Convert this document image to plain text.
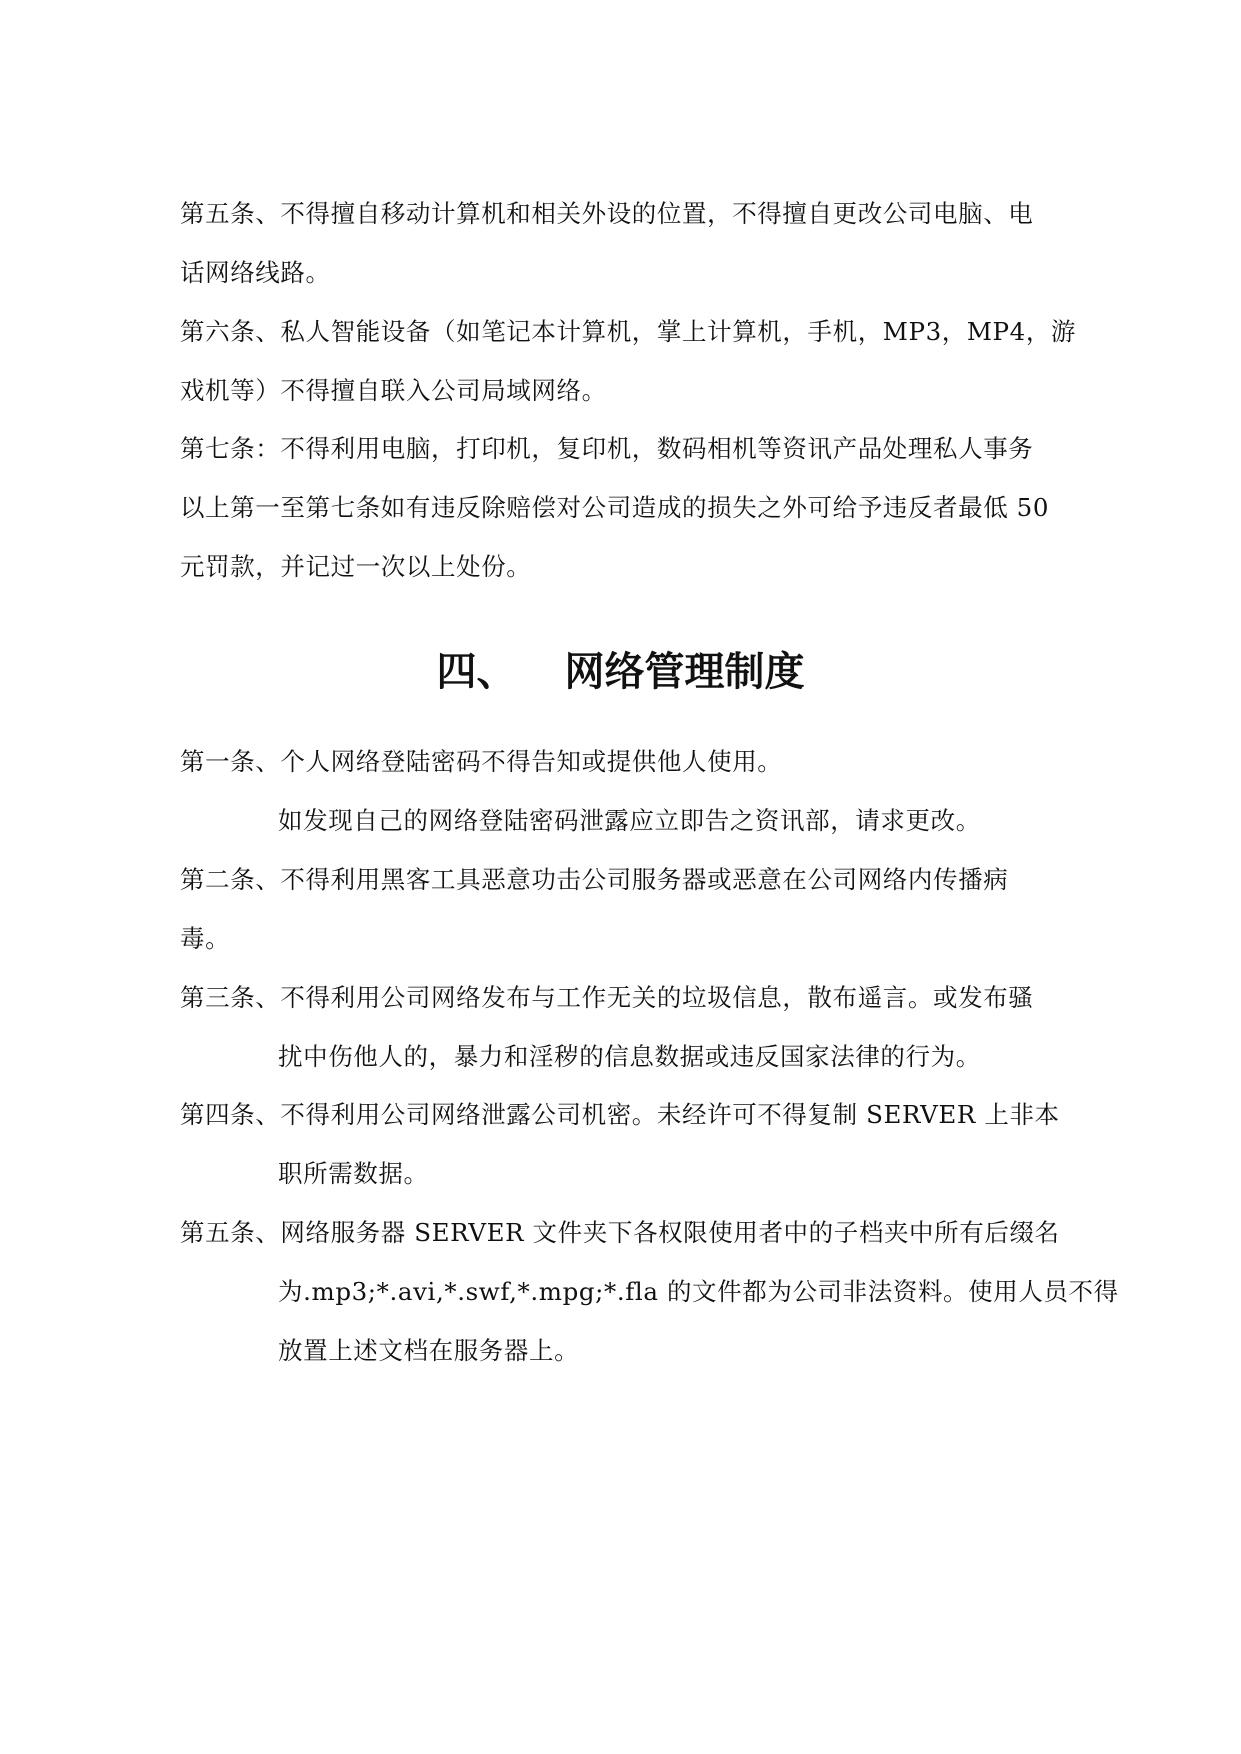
第五条、不得擅自移动计算机和相关外设的位置，不得擅自更改公司电脑、电
话网络线路。
第六条、私人智能设备（如笔记本计算机，掌上计算机，手机，MP3，MP4，游
戏机等）不得擅自联入公司局域网络。
第七条：不得利用电脑，打印机，复印机，数码相机等资讯产品处理私人事务
以上第一至第七条如有违反除赔偿对公司造成的损失之外可给予违反者最低 50
元罚款，并记过一次以上处份。
四、 网络管理制度
第一条、个人网络登陆密码不得告知或提供他人使用。
如发现自己的网络登陆密码泄露应立即告之资讯部，请求更改。
第二条、不得利用黑客工具恶意功击公司服务器或恶意在公司网络内传播病
毒。
第三条、不得利用公司网络发布与工作无关的垃圾信息，散布遥言。或发布骚
扰中伤他人的，暴力和淫秽的信息数据或违反国家法律的行为。
第四条、不得利用公司网络泄露公司机密。未经许可不得复制 SERVER 上非本
职所需数据。
第五条、网络服务器 SERVER 文件夹下各权限使用者中的子档夹中所有后缀名
为.mp3;*.avi,*.swf,*.mpg;*.fla 的文件都为公司非法资料。使用人员不得
放置上述文档在服务器上。
